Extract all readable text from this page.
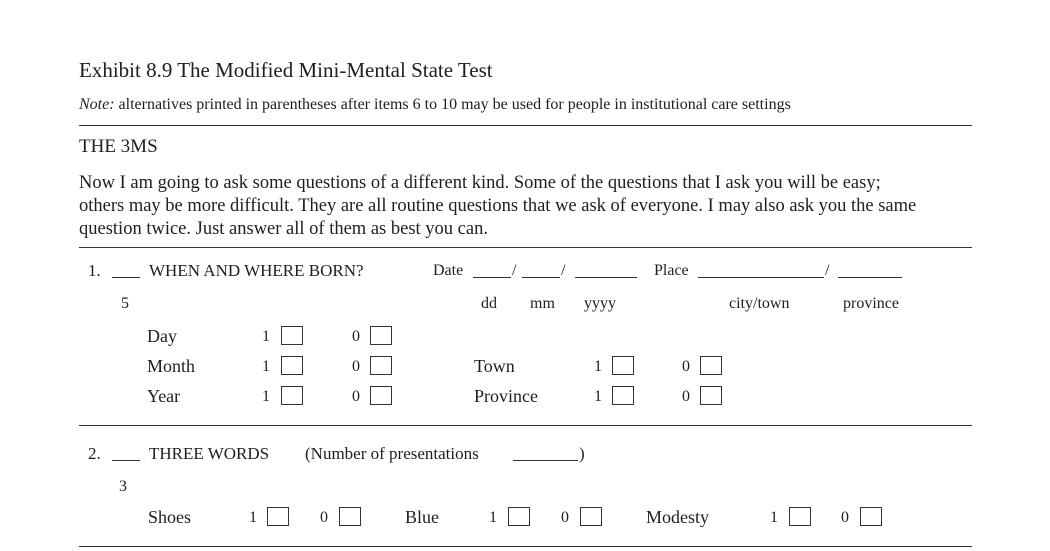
Exhibit 8.9 The Modified Mini-Mental State Test
Note: alternatives printed in parentheses after items 6 to 10 may be used for people in institutional care settings
THE 3MS
Now I am going to ask some questions of a different kind. Some of the questions that I ask you will be easy;
others may be more difficult. They are all routine questions that we ask of everyone. I may also ask you the same
question twice. Just answer all of them as best you can.
1.	WHEN AND WHERE BORN?	Date	/	/	Place	/
5	dd mm yyyy	city/town	province
Day	1	0
Month	1	0
Year	1	0
Town	1	0
Province	1	0
2.	THREE WORDS (Number of presentations	)
3
Shoes	1	0	Blue	1	0	Modesty	1	0
